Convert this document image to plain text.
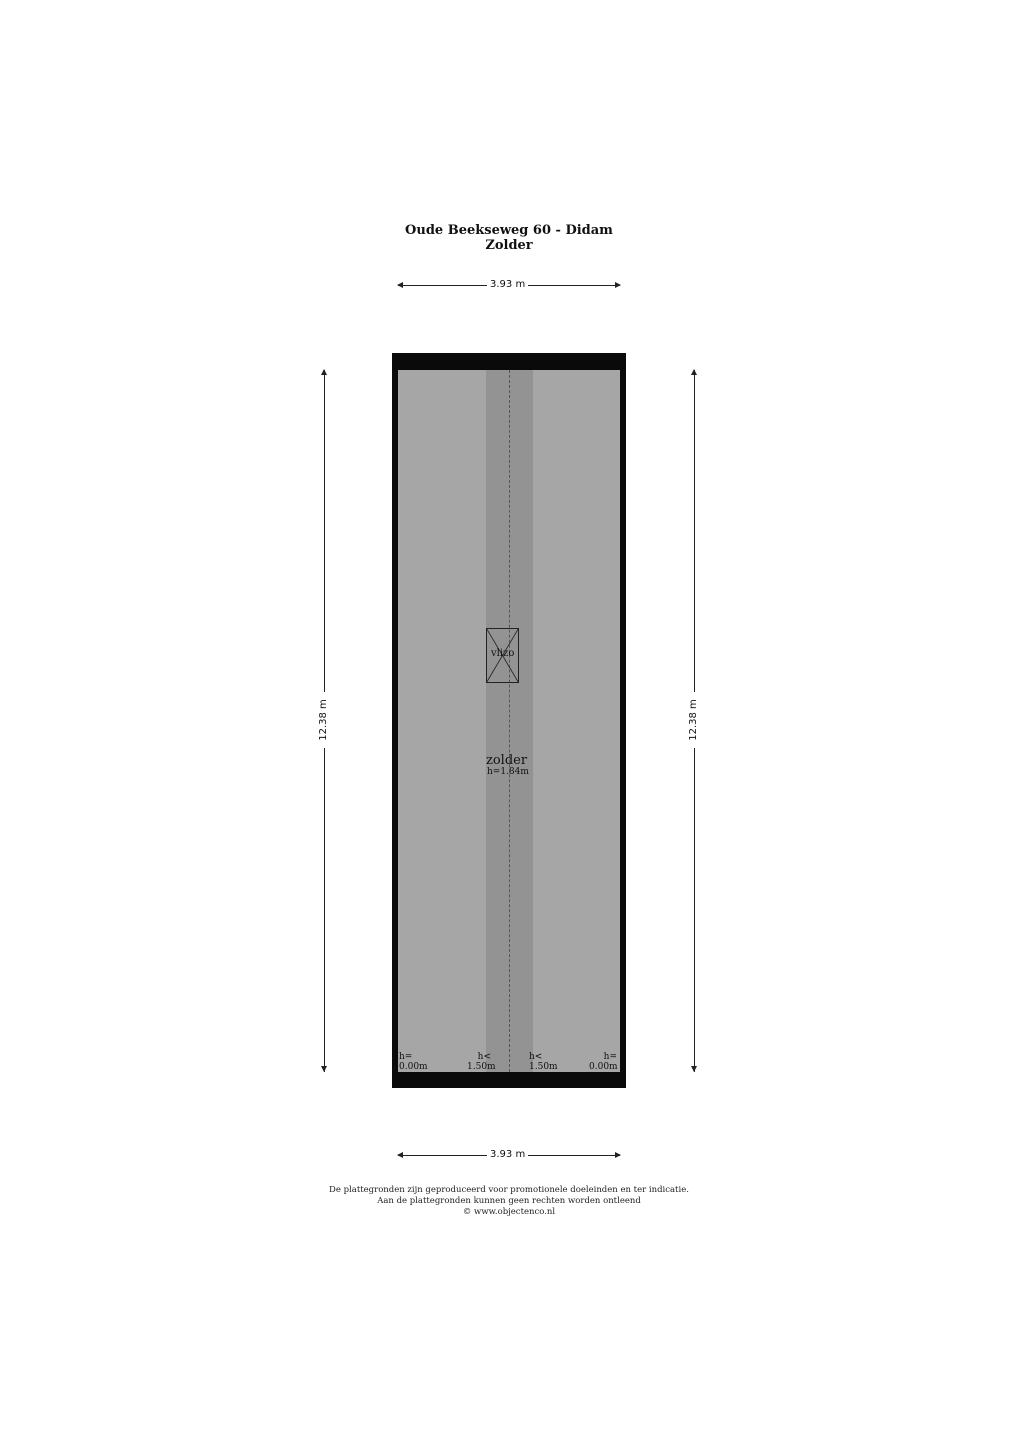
Oude Beekseweg 60 - Didam
Zolder
3.93 m
12.38 m	12.38 m
vlizo
zolder
h=1.84m
h=
0.00m
h<
1.50m
h<
1.50m
h=
0.00m
3.93 m
De plattegronden zijn geproduceerd voor promotionele doeleinden en ter indicatie.
Aan de plattegronden kunnen geen rechten worden ontleend
© www.objectenco.nl
